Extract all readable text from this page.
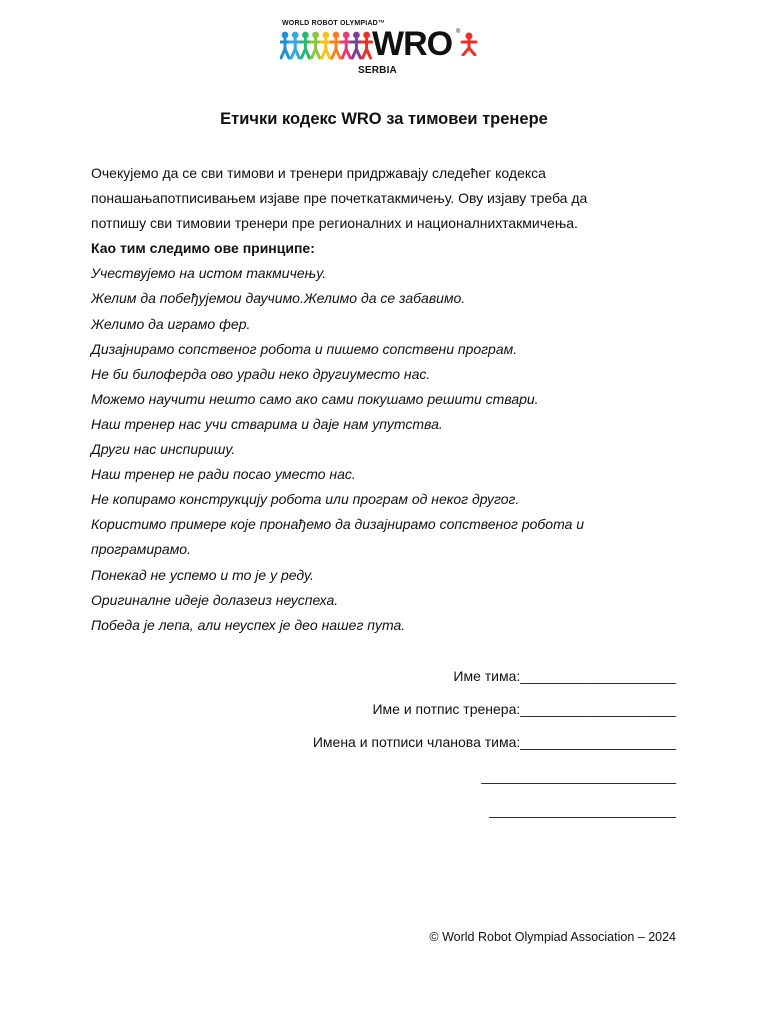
WORLD ROBOT OLYMPIAD™
WRO ®
SERBIA
Етички кодекс WRO за тимовеи тренере

Очекујемо да се сви тимови и тренери придржавају следећег кодекса

понашањапотписивањем изјаве пре почеткатакмичењу. Ову изјаву треба да

потпишу сви тимовии тренери пре регионалних и националнихтакмичења.

Као тим следимо ове принципе:

Учествујемо на истом такмичењу.

Желим да побеђујемои даучимо.Желимо да се забавимо.

Желимо да играмо фер.

Дизајнирамо сопственог робота и пишемо сопствени програм.

Не би билоферда ово уради неко другиуместо нас.

Можемо научити нешто само ако сами покушамо решити ствари.

Наш тренер нас учи стварима и даје нам упутства.

Други нас инспиришу.

Наш тренер не ради посао уместо нас.

Не копирамо конструкцију робота или програм од неког другог.

Користимо примере које пронађемо да дизајнирамо сопственог робота и

програмирамо.

Понекад не успемо и то је у реду.

Оригиналне идеје долазеиз неуспеха.

Победа је лепа, али неуспех је део нашег пута.

Име тима:____________________
Име и потпис тренера:____________________
Имена и потписи чланова тима:____________________
_________________________
________________________
© World Robot Olympiad Association – 2024
